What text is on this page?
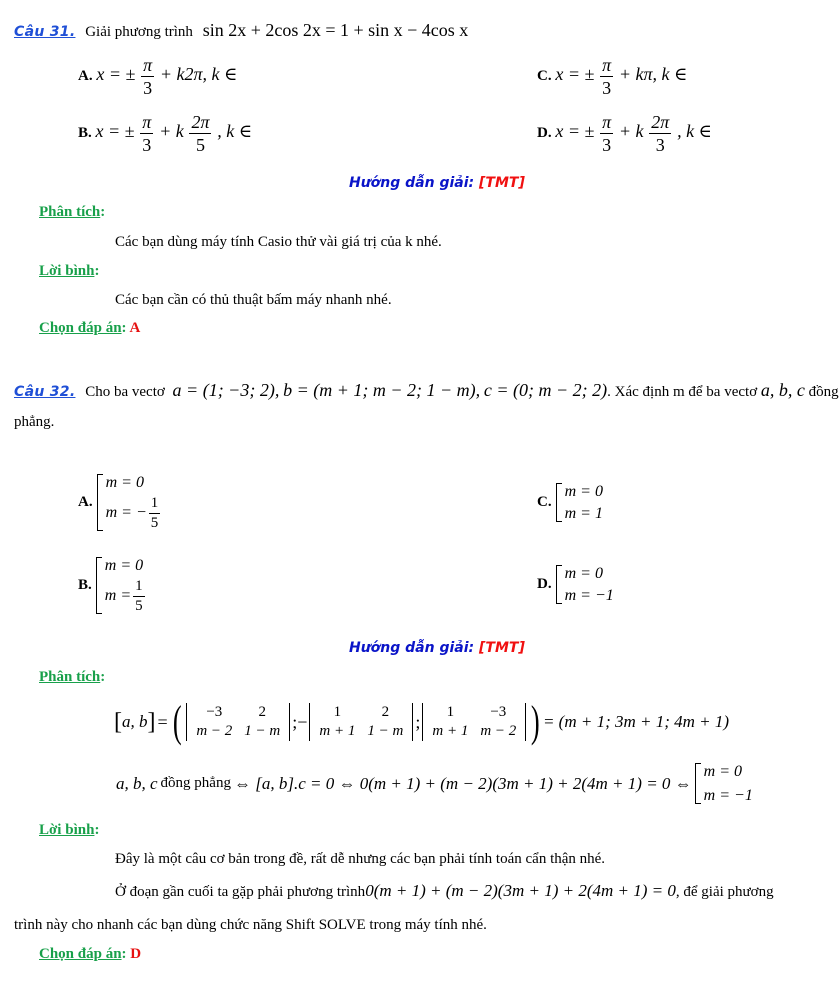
Câu 31. Giải phương trình sin 2x + 2cos 2x = 1 + sin x − 4cos x
A. x = ± $\frac{\pi}{3} + k2\pi$, k ∈
B. x = ± $\frac{\pi}{3} + k \frac{2\pi}{5}$ , k ∈
C. x = ± $\frac{\pi}{3} + k\pi$, k ∈
D. x = ± $\frac{\pi}{3} + k \frac{2\pi}{3}$ , k ∈
Hướng dẫn giải: [TMT]
Phân tích:
Các bạn dùng máy tính Casio thử vài giá trị của k nhé.
Lời bình:
Các bạn cần có thủ thuật bấm máy nhanh nhé.
Chọn đáp án: A
Câu 32. Cho ba vectơ a = (1; −3; 2), b = (m + 1; m − 2; 1 − m), c = (0; m − 2; 2). Xác định m để ba vectơ a, b, c đồng
phẳng.
A.
m = 0
m = − $\frac{1}{5}$
B.
m = 0
$m = \frac{1}{5}$
C.
m = 0
m = 1
D.
m = 0
m = −1
Hướng dẫn giải: [TMT]
Phân tích:
[ a, b ] = ( −3	2
m − 2	1 − m ;− 1	2
m + 1	1 − m ; 1	−3
m + 1	m − 2 ) = (m + 1; 3m + 1; 4m + 1)
a, b, c đồng phẳng ⇔ [a, b].c = 0 ⇔ 0(m + 1) + (m − 2)(3m + 1) + 2(4m + 1) = 0 ⇔
m = 0
m = −1
Lời bình:
Đây là một câu cơ bản trong đề, rất dễ nhưng các bạn phải tính toán cẩn thận nhé.
Ở đoạn gần cuối ta gặp phải phương trình0(m + 1) + (m − 2)(3m + 1) + 2(4m + 1) = 0, để giải phương
trình này cho nhanh các bạn dùng chức năng Shift SOLVE trong máy tính nhé.
Chọn đáp án: D
